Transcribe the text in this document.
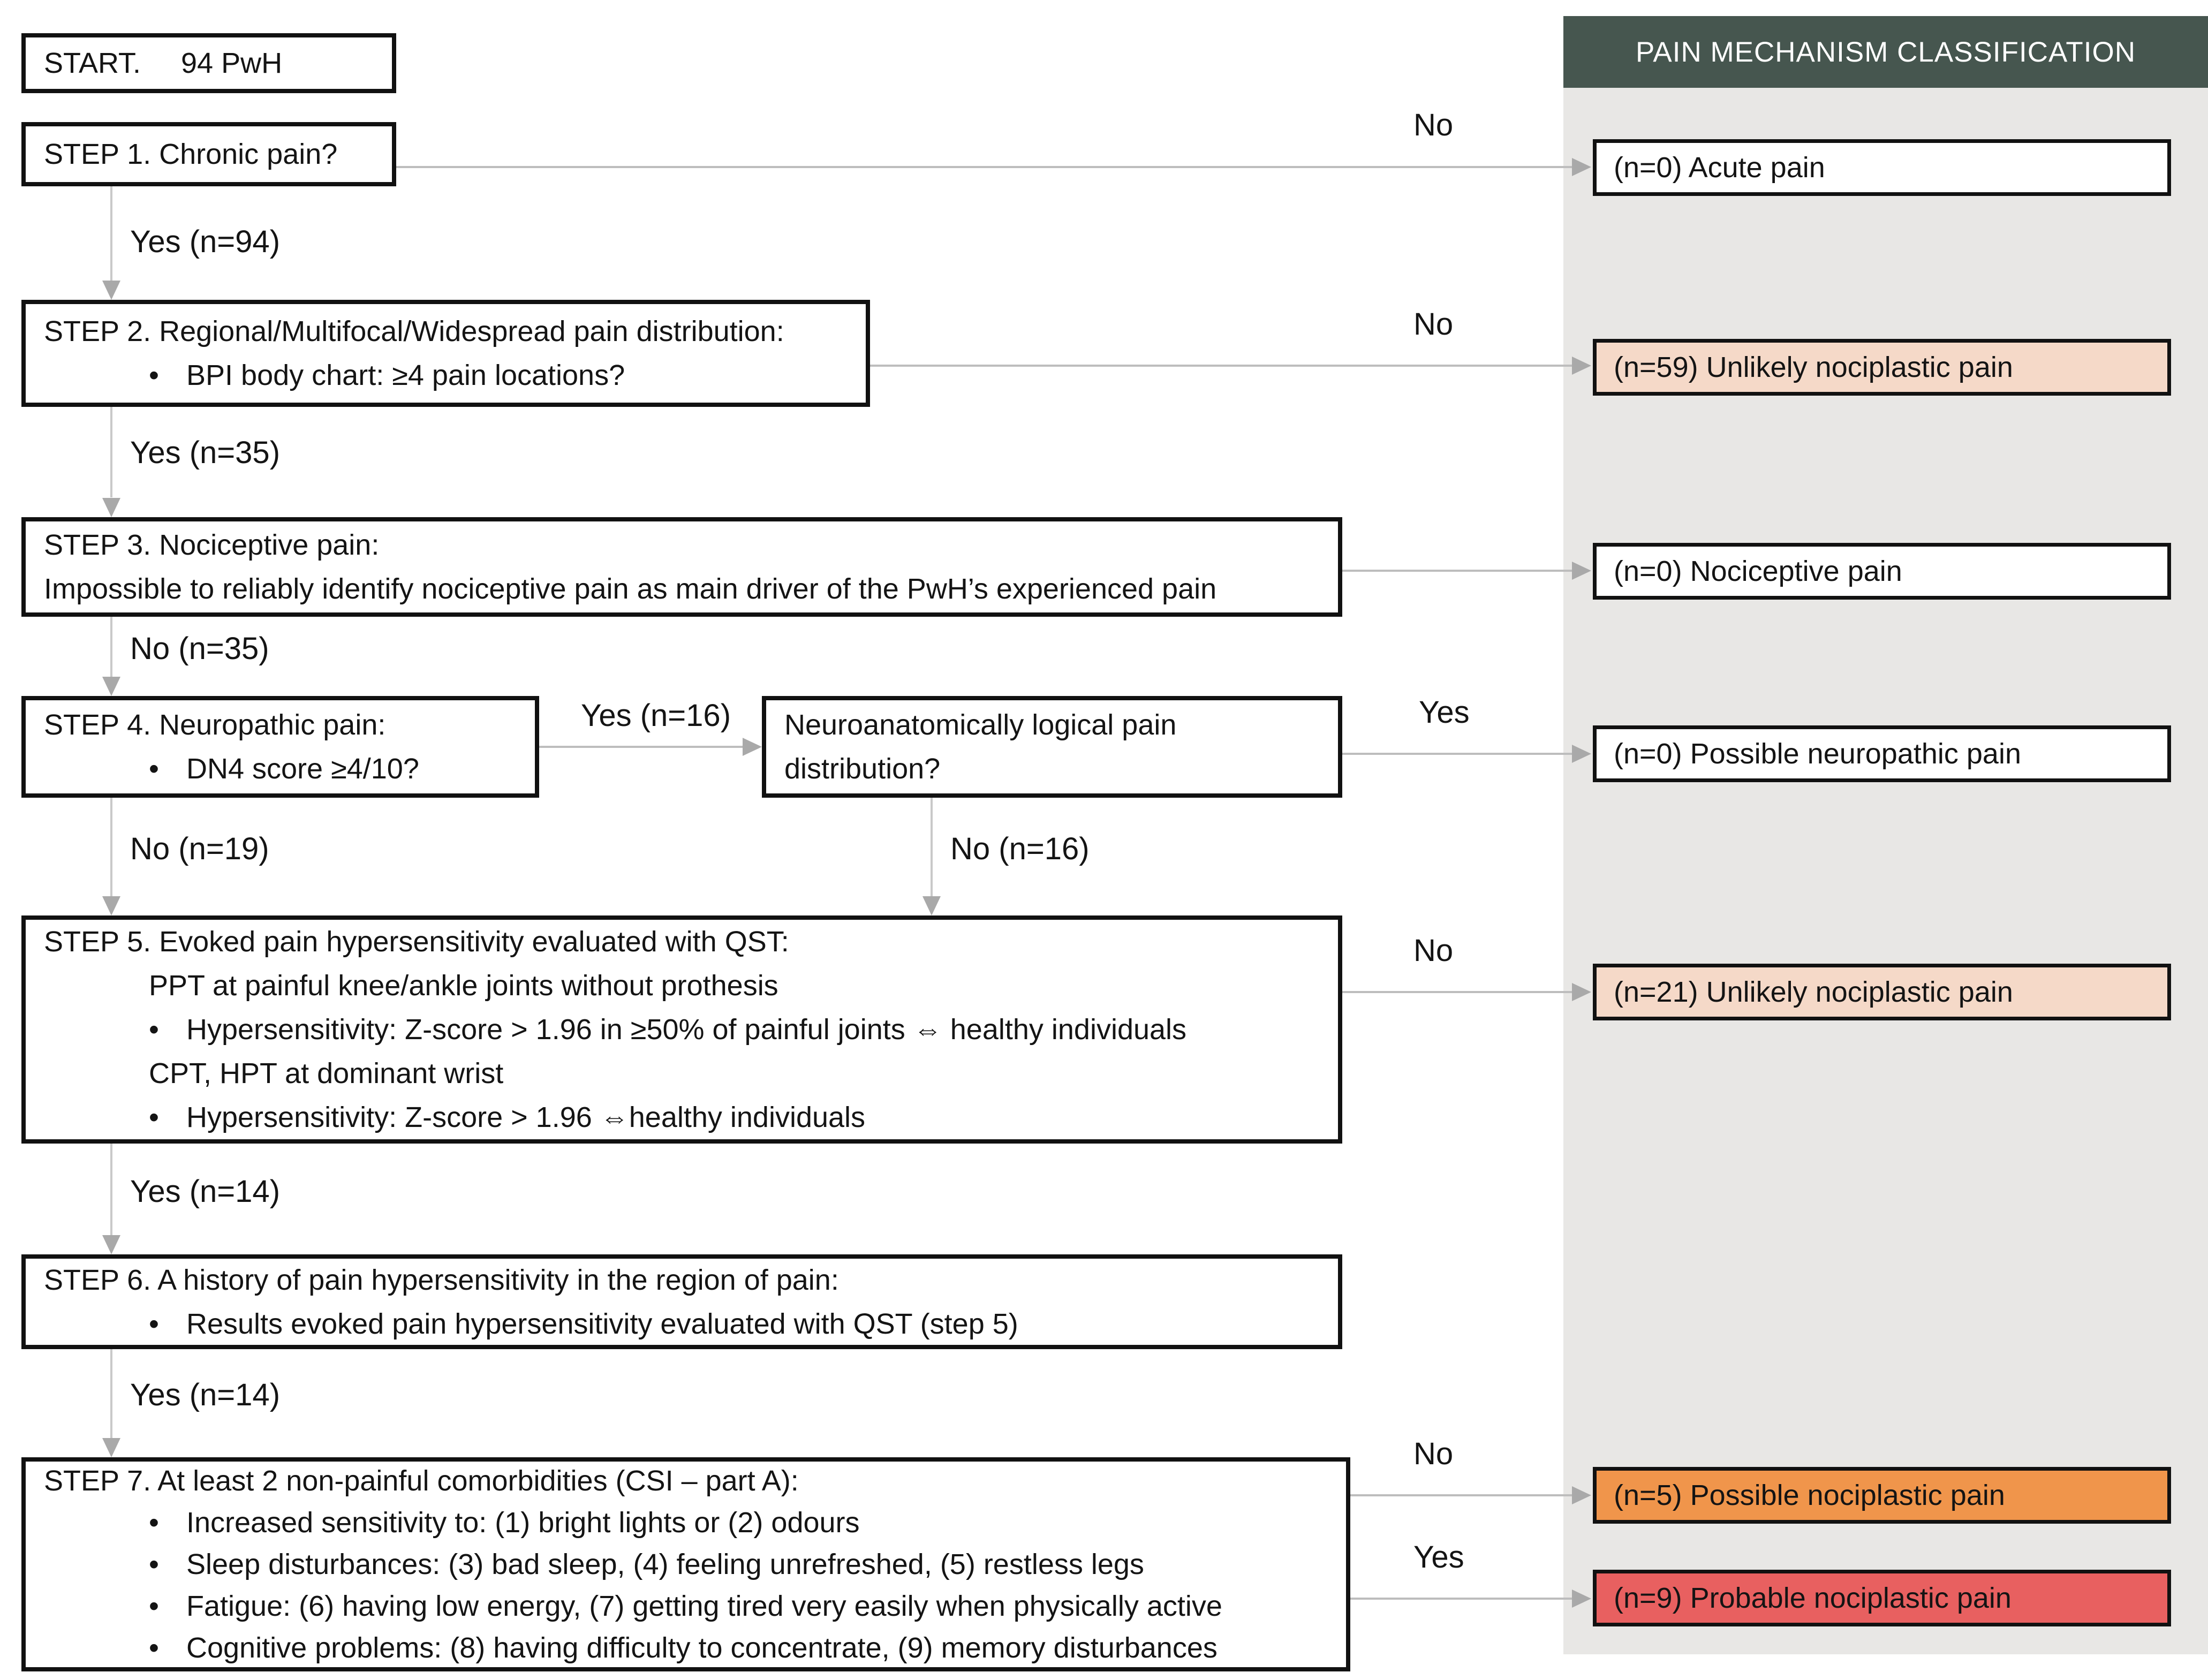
PAIN MECHANISM CLASSIFICATION
START.	94 PwH
STEP 1. Chronic pain?
STEP 2. Regional/Multifocal/Widespread pain distribution:
• BPI body chart: ≥4 pain locations?
STEP 3. Nociceptive pain:
Impossible to reliably identify nociceptive pain as main driver of the PwH’s experienced pain
STEP 4. Neuropathic pain:
• DN4 score ≥4/10?
Neuroanatomically logical pain
distribution?
STEP 5. Evoked pain hypersensitivity evaluated with QST:
PPT at painful knee/ankle joints without prothesis
• Hypersensitivity: Z-score > 1.96 in ≥50% of painful joints ⇔ healthy individuals
CPT, HPT at dominant wrist
• Hypersensitivity: Z-score > 1.96 ⇔healthy individuals
STEP 6. A history of pain hypersensitivity in the region of pain:
• Results evoked pain hypersensitivity evaluated with QST (step 5)
STEP 7. At least 2 non-painful comorbidities (CSI – part A):
• Increased sensitivity to: (1) bright lights or (2) odours
• Sleep disturbances: (3) bad sleep, (4) feeling unrefreshed, (5) restless legs
• Fatigue: (6) having low energy, (7) getting tired very easily when physically active
• Cognitive problems: (8) having difficulty to concentrate, (9) memory disturbances
(n=0) Acute pain
(n=59) Unlikely nociplastic pain
(n=0) Nociceptive pain
(n=0) Possible neuropathic pain
(n=21) Unlikely nociplastic pain
(n=5) Possible nociplastic pain
(n=9) Probable nociplastic pain
Yes (n=94)
Yes (n=35)
No (n=35)
No (n=19)	No (n=16)
Yes (n=14)
Yes (n=14)
No
No
Yes (n=16)	Yes
No
No
Yes
